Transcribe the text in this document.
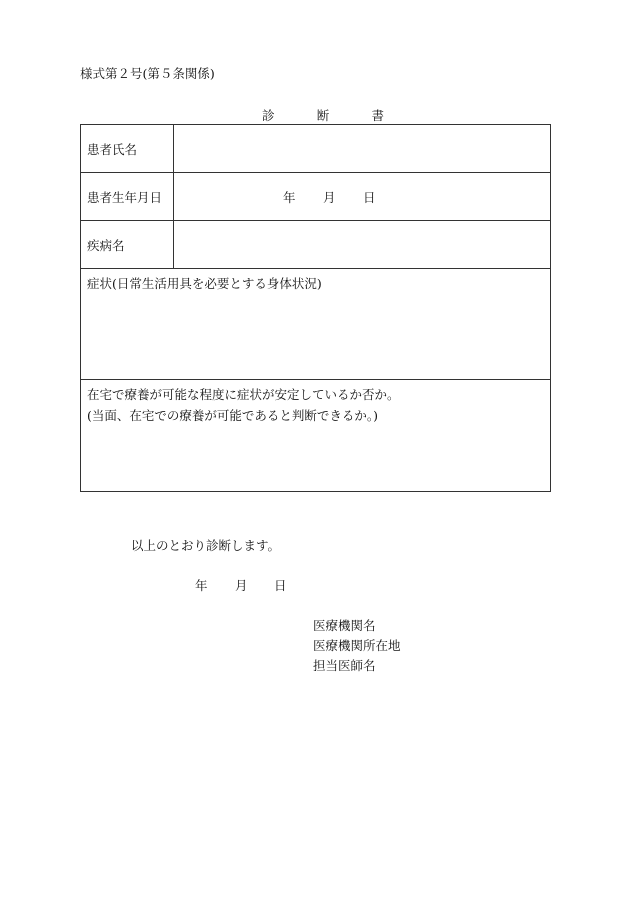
様式第２号(第５条関係)
診	断	書
患者氏名
患者生年月日	年	月	日
疾病名
症状(日常生活用具を必要とする身体状況)
在宅で療養が可能な程度に症状が安定しているか否か。
(当面、在宅での療養が可能であると判断できるか。)
以上のとおり診断します。
年	月	日
医療機関名
医療機関所在地
担当医師名
